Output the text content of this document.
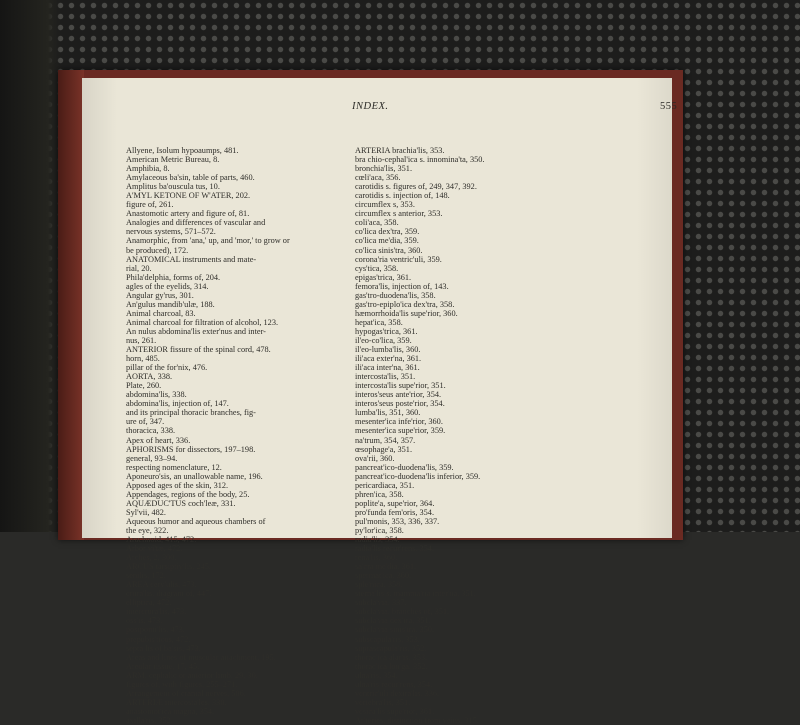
INDEX.	555
Allyene, Isolum hypoaumps, 481.
American Metric Bureau, 8.
Amphibia, 8.
Amylaceous ba'sin, table of parts, 460.
Amplitus ba'ouscula tus, 10.
A'MYL KETONE OF W'ATER, 202.
figure of, 261.
Anastomotic artery and figure of, 81.
Analogies and differences of vascular and
nervous systems, 571–572.
Anamorphic, from 'ana,' up, and 'mor,' to grow or
be produced), 172.
ANATOMICAL instruments and mate-
rial, 20.
Phila'delphia, forms of, 204.
agles of the eyelids, 314.
Angular gy'rus, 301.
An'gulus mandib'ulæ, 188.
Animal charcoal, 83.
Animal charcoal for filtration of alcohol, 123.
An nulus abdomina'lis exter'nus and inter-
nus, 261.
ANTERIOR fissure of the spinal cord, 478.
horn, 485.
pillar of the for'nix, 476.
AORTA, 338.
Plate, 260.
abdomina'lis, 338.
abdomina'lis, injection of, 147.
and its principal thoracic branches, fig-
ure of, 347.
thoracica, 338.
Apex of heart, 336.
APHORISMS for dissectors, 197–198.
general, 93–94.
respecting nomenclature, 12.
Aponeuro'sis, an unallowable name, 196.
Apposed ages of the skin, 312.
Appendages, regions of the body, 25.
AQUÆDUC'TUS coch'leæ, 331.
Syl'vii, 482.
Aqueous humor and aqueous chambers of
the eye, 322.
Arachnoid, 415, 472.
Arbor vi'tæ, 472.
Arches, 2, 300.
ARCUS tarsiptiy'lis, 245.
senilis, 172.
AREA cerv'ulis, 473.
crura'lis, diagram of, 447.
elliptica, 472.
intercrura'lis, 473.
oss'is, 473.
postponti'lis, 473.
prepubis'ticos, 472.
septa lis of ba'sis, 473.
Areas and lines of muscular attachment, 195.
Areolar tissue, 17, 45.
ARM, cephalic or anterior limb, 29, 30.
figures of, with figures, 255–271.
Arrangement of cranial nerves, 506.
ARTERIÆ intercosta'les, 330.
anastomot'ica magna, 354.
axilla'ris, 352.
ARTERIA brachia'lis, 353.
bra chio-cephal'ica s. innomina'ta, 350.
bronchia'lis, 351.
cœli'aca, 356.
carotidis s. figures of, 249, 347, 392.
carotidis s. injection of, 148.
circumflex s, 353.
circumflex s anterior, 353.
coli'aca, 358.
co'lica dex'tra, 359.
co'lica me'dia, 359.
co'lica sinis'tra, 360.
corona'ria ventric'uli, 359.
cys'tica, 358.
epigas'trica, 361.
femora'lis, injection of, 143.
gas'tro-duodena'lis, 358.
gas'tro-epiplo'ica dex'tra, 358.
hæmorrhoida'lis supe'rior, 360.
hepat'ica, 358.
hypogas'trica, 361.
il'eo-co'lica, 359.
il'eo-lumba'lis, 360.
ili'aca exter'na, 361.
ili'aca inter'na, 361.
intercosta'lis, 351.
intercosta'lis supe'rior, 351.
interos'seus ante'rior, 354.
interos'seus poste'rior, 354.
lumba'lis, 351, 360.
mesenter'ica infe'rior, 360.
mesenter'ica supe'rior, 359.
na'trum, 354, 357.
œsophage'a, 351.
ova'rii, 360.
pancreat'ico-duodena'lis, 359.
pancreat'ico-duodena'lis inferior, 359.
pericardiaca, 351.
phren'ica, 358.
poplite'a, supe'rior, 364.
pro'funda fem'oris, 354.
pul'monis, 353, 336, 337.
py'lor'ica, 358.
radia'lis, 354.
radia'lis recur'rens, 354.
rena'lis, 360.
sa'cra me'dia, 361.
spermat'ica, 360.
sple'nica, 358.
sterna'lis s. mamma'ria inter'na, 351.
subcla'via, 337.
subcla'via, branches of, 351.
subcla'via dex'tra, 351.
subcla'via sinis'tra, 350.
subscapula'ris, 353.
suprascapula'ris, 352.
thorac'ica alar'is, 353.
thorac'ica lon'ga, 352.
ulna'ris, 354.
ulna'ris recur'rens, 354.
ventric'uli dextra'lis, 336.
vertebra'lis, 351.
vesica'lis supe'rior, 361.
Ar'teries, distinction from veins, 315.
